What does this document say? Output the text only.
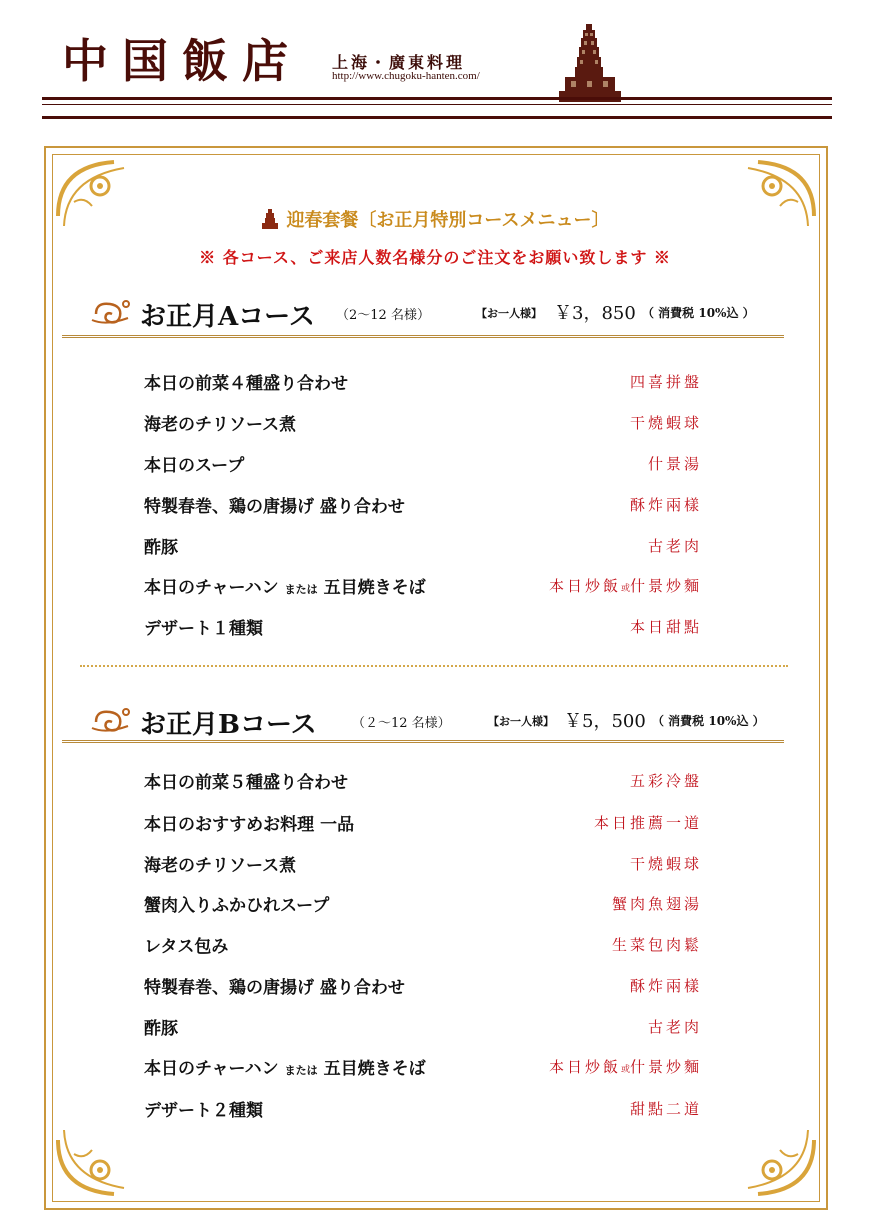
中国飯店 上海・廣東料理
http://www.chugoku-hanten.com/
迎春套餐〔お正月特別コースメニュー〕
※ 各コース、ご来店人数名様分のご注文をお願い致します ※
お正月Aコース （2〜12 名様）	【お一人様】 ￥3，850 （ 消費税 10%込 ）
本日の前菜４種盛り合わせ	四喜拼盤
海老のチリソース煮	干燒蝦球
本日のスープ	什景湯
特製春巻、鶏の唐揚げ 盛り合わせ	酥炸兩樣
酢豚	古老肉
本日のチャーハン または 五目焼きそば	本日炒飯或什景炒麵
デザート１種類	本日甜點
お正月Bコース	（２〜12 名様）	【お一人様】 ￥5，500 （ 消費税 10%込 ）
本日の前菜５種盛り合わせ	五彩冷盤
本日のおすすめお料理 一品	本日推薦一道
海老のチリソース煮	干燒蝦球
蟹肉入りふかひれスープ	蟹肉魚翅湯
レタス包み	生菜包肉鬆
特製春巻、鶏の唐揚げ 盛り合わせ	酥炸兩樣
酢豚	古老肉
本日のチャーハン または 五目焼きそば	本日炒飯或什景炒麵
デザート２種類	甜點二道
